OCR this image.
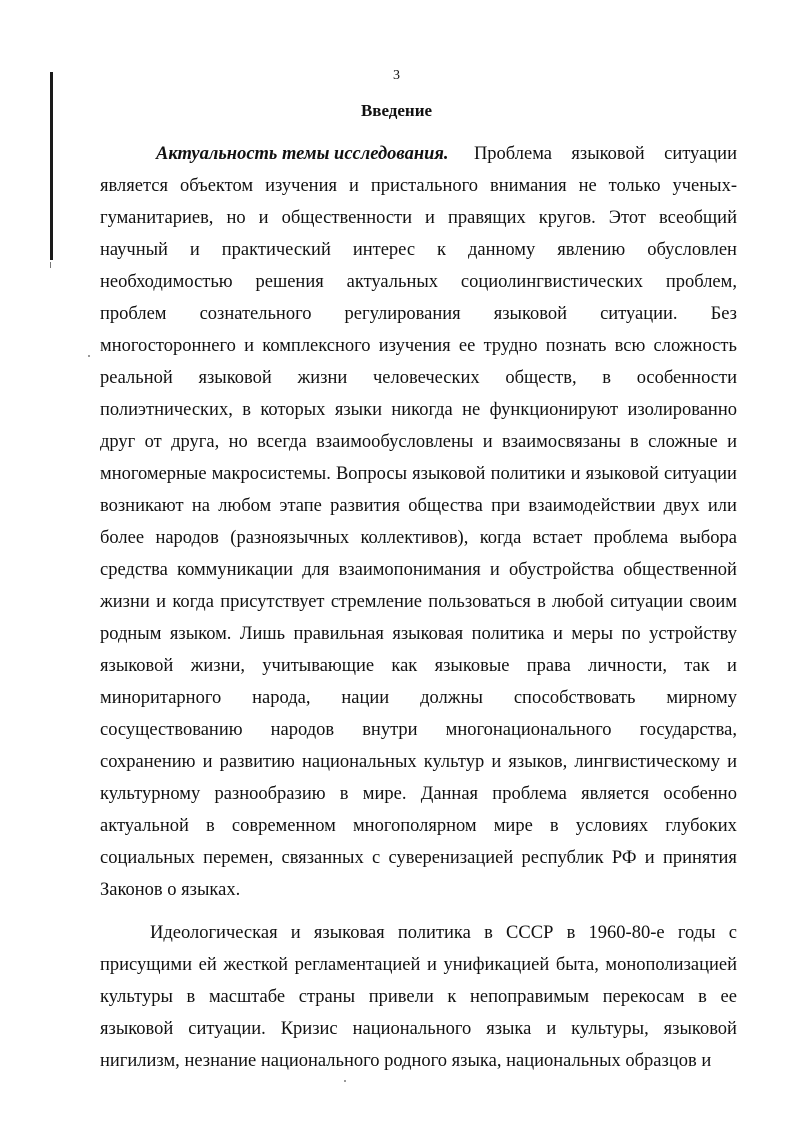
3
Введение
Актуальность темы исследования. Проблема языковой ситуации
является объектом изучения и пристального внимания не только ученых-
гуманитариев, но и общественности и правящих кругов. Этот всеобщий
научный и практический интерес к данному явлению обусловлен
необходимостью решения актуальных социолингвистических проблем,
проблем сознательного регулирования языковой ситуации. Без
многостороннего и комплексного изучения ее трудно познать всю сложность
реальной языковой жизни человеческих обществ, в особенности
полиэтнических, в которых языки никогда не функционируют изолированно
друг от друга, но всегда взаимообусловлены и взаимосвязаны в сложные и
многомерные макросистемы. Вопросы языковой политики и языковой ситуации
возникают на любом этапе развития общества при взаимодействии двух или
более народов (разноязычных коллективов), когда встает проблема выбора
средства коммуникации для взаимопонимания и обустройства общественной
жизни и когда присутствует стремление пользоваться в любой ситуации своим
родным языком. Лишь правильная языковая политика и меры по устройству
языковой жизни, учитывающие как языковые права личности, так и
миноритарного народа, нации должны способствовать мирному
сосуществованию народов внутри многонационального государства,
сохранению и развитию национальных культур и языков, лингвистическому и
культурному разнообразию в мире. Данная проблема является особенно
актуальной в современном многополярном мире в условиях глубоких
социальных перемен, связанных с суверенизацией республик РФ и принятия
Законов о языках.
Идеологическая и языковая политика в СССР в 1960-80-е годы с
присущими ей жесткой регламентацией и унификацией быта, монополизацией
культуры в масштабе страны привели к непоправимым перекосам в ее
языковой ситуации. Кризис национального языка и культуры, языковой
нигилизм, незнание национального родного языка, национальных образцов и
